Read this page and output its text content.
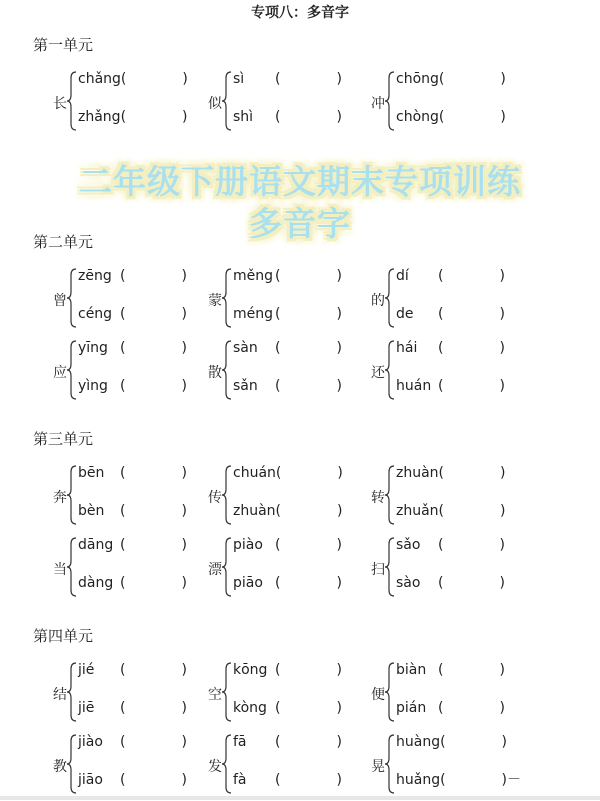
专项八：多音字
第一单元
长
chǎng(　　　　)
zhǎng(　　　　)
似
sì (　　　　)
shì (　　　　)
冲
chōng(　　　　)
chòng(　　　　)
第二单元
曾
zēng (　　　　)
céng (　　　　)
蒙
měng (　　　　)
méng (　　　　)
的
dí (　　　　)
de (　　　　)
应
yīng (　　　　)
yìng (　　　　)
散
sàn (　　　　)
sǎn (　　　　)
还
hái (　　　　)
huán (　　　　)
第三单元
奔
bēn (　　　　)
bèn (　　　　)
传
chuán(　　　　)
zhuàn(　　　　)
转
zhuàn(　　　　)
zhuǎn(　　　　)
当
dāng (　　　　)
dàng (　　　　)
漂
piào (　　　　)
piāo (　　　　)
扫
sǎo (　　　　)
sào (　　　　)
第四单元
结
jié (　　　　)
jiē (　　　　)
空
kōng (　　　　)
kòng (　　　　)
便
biàn (　　　　)
pián (　　　　)
教
jiào (　　　　)
jiāo (　　　　)
发
fā (　　　　)
fà (　　　　)
晃
huàng(　　　　)
huǎng(　　　　)－
二年级下册语文期末专项训练
多音字
